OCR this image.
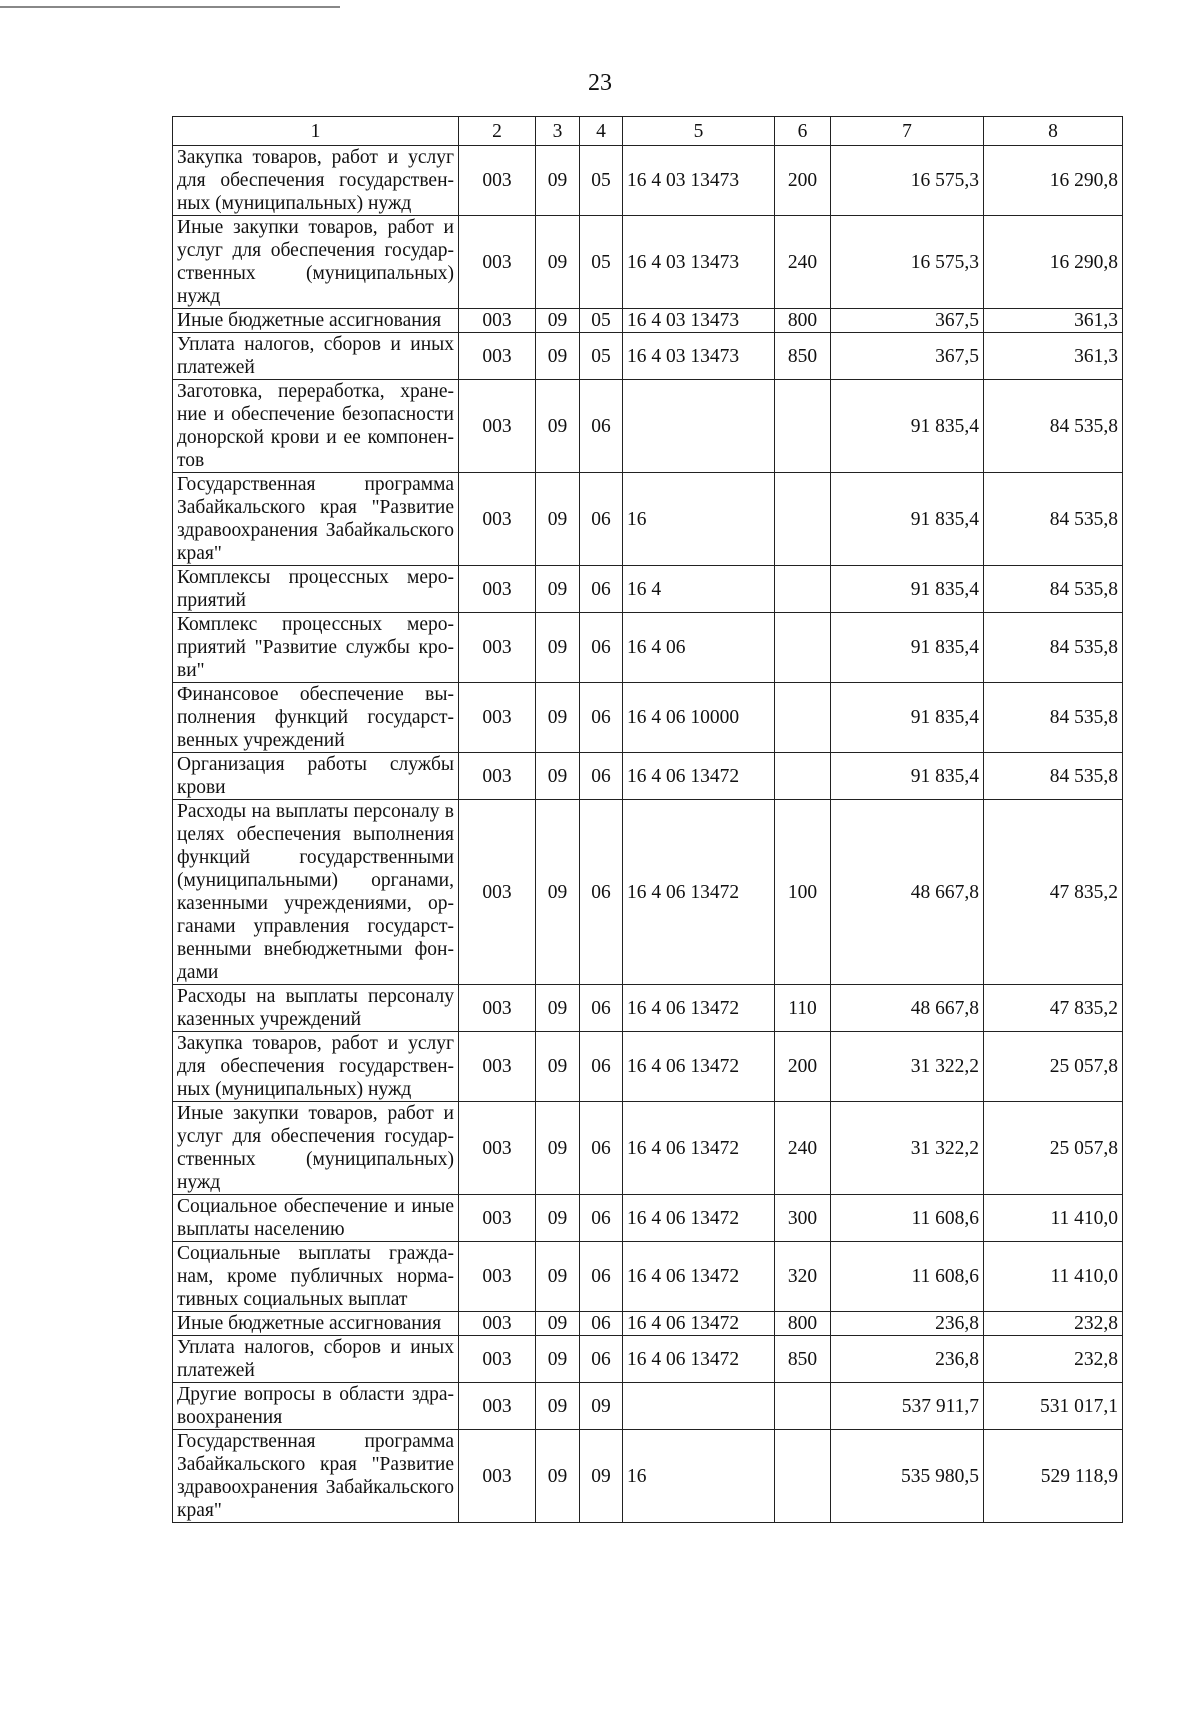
23
1	2	3	4	5	6	7	8
Закупка товаров, работ и услуг для обеспечения государственных (муниципальных) нужд	003	09	05	16 4 03 13473	200	16 575,3	16 290,8
Иные закупки товаров, работ и услуг для обеспечения государственных (муниципальных) нужд	003	09	05	16 4 03 13473	240	16 575,3	16 290,8
Иные бюджетные ассигнования	003	09	05	16 4 03 13473	800	367,5	361,3
Уплата налогов, сборов и иных платежей	003	09	05	16 4 03 13473	850	367,5	361,3
Заготовка, переработка, хранение и обеспечение безопасности донорской крови и ее компонентов	003	09	06			91 835,4	84 535,8
Государственная программа Забайкальского края "Развитие здравоохранения Забайкальского края"	003	09	06	16		91 835,4	84 535,8
Комплексы процессных мероприятий	003	09	06	16 4		91 835,4	84 535,8
Комплекс процессных мероприятий "Развитие службы крови"	003	09	06	16 4 06		91 835,4	84 535,8
Финансовое обеспечение выполнения функций государственных учреждений	003	09	06	16 4 06 10000		91 835,4	84 535,8
Организация работы службы крови	003	09	06	16 4 06 13472		91 835,4	84 535,8
Расходы на выплаты персоналу в целях обеспечения выполнения функций государственными (муниципальными) органами, казенными учреждениями, органами управления государственными внебюджетными фондами	003	09	06	16 4 06 13472	100	48 667,8	47 835,2
Расходы на выплаты персоналу казенных учреждений	003	09	06	16 4 06 13472	110	48 667,8	47 835,2
Закупка товаров, работ и услуг для обеспечения государственных (муниципальных) нужд	003	09	06	16 4 06 13472	200	31 322,2	25 057,8
Иные закупки товаров, работ и услуг для обеспечения государственных (муниципальных) нужд	003	09	06	16 4 06 13472	240	31 322,2	25 057,8
Социальное обеспечение и иные выплаты населению	003	09	06	16 4 06 13472	300	11 608,6	11 410,0
Социальные выплаты гражданам, кроме публичных нормативных социальных выплат	003	09	06	16 4 06 13472	320	11 608,6	11 410,0
Иные бюджетные ассигнования	003	09	06	16 4 06 13472	800	236,8	232,8
Уплата налогов, сборов и иных платежей	003	09	06	16 4 06 13472	850	236,8	232,8
Другие вопросы в области здравоохранения	003	09	09			537 911,7	531 017,1
Государственная программа Забайкальского края "Развитие здравоохранения Забайкальского края"	003	09	09	16		535 980,5	529 118,9
